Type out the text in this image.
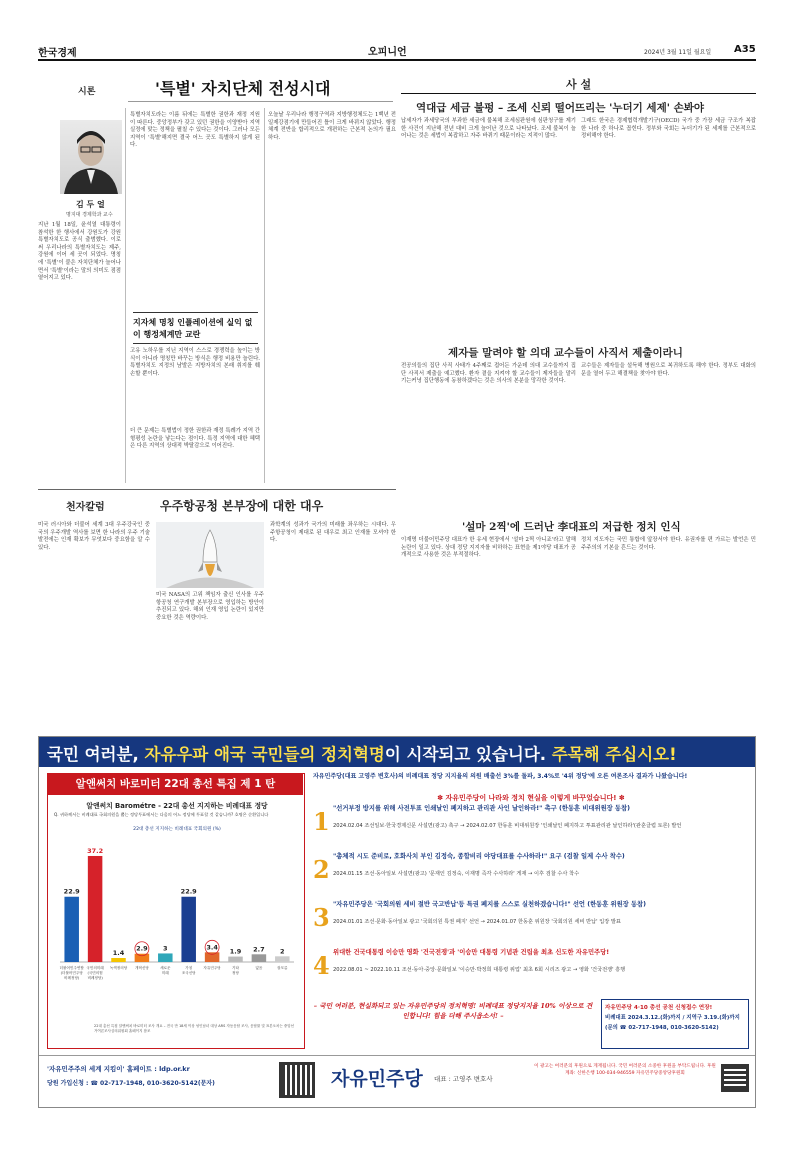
한국경제	오피니언	2024년 3월 11일 월요일 A35
시론	'특별' 자치단체 전성시대
김 두 얼
명지대 경제학과 교수
지난 1월 18일, 윤석열 대통령이 참석한 한 행사에서 강원도가 강원특별자치도로 공식 출범했다. 이로써 우리나라의 특별자치도는 제주, 강원에 이어 세 곳이 되었다. 명칭에 '특별'이 붙은 자치단체가 늘어나면서 '특별'이라는 말의 의미도 점점 옅어지고 있다.
특별자치도라는 이름 뒤에는 특별한 권한과 재정 지원이 따른다. 중앙정부가 갖고 있던 권한을 이양받아 지역 실정에 맞는 정책을 펼칠 수 있다는 것이다. 그러나 모든 지역이 '특별'해지면 결국 어느 곳도 특별하지 않게 된다.
지자체 명칭 인플레이션에 실익 없이 행정체계만 교란
고유 노하우를 지닌 지역이 스스로 경쟁력을 높이는 방식이 아니라 명칭만 바꾸는 방식은 행정 비용만 늘린다. 특별자치도 지정의 남발은 지방자치의 본래 취지를 훼손할 뿐이다.
더 큰 문제는 특별법이 정한 권한과 재정 특례가 지역 간 형평성 논란을 낳는다는 점이다. 특정 지역에 대한 혜택은 다른 지역의 상대적 박탈감으로 이어진다.
오늘날 우리나라 행정구역과 지방행정체도는 1백년 전 일제강점기에 만들어진 틀이 크게 바뀌지 않았다. 행정체계 전반을 합리적으로 개편하는 근본적 논의가 필요하다.
천자칼럼	우주항공청 본부장에 대한 대우
미국 러시아와 더불어 세계 3대 우주강국인 중국의 우주개발 역사를 보면 한 나라의 우주 기술 발전에는 인재 확보가 무엇보다 중요함을 알 수 있다.
미국 NASA의 고위 책임자 출신 인사를 우주항공청 연구개발 본부장으로 영입하는 방안이 추진되고 있다. 해외 인재 영입 논란이 있지만 중요한 것은 역량이다.
과학계의 성과가 국가의 미래를 좌우하는 시대다. 우주항공청이 제대로 된 대우로 최고 인재를 모셔야 한다.
사 설
역대급 세금 불펑 – 조세 신뢰 떨어뜨리는 '누더기 세제' 손봐야
납세자가 과세당국의 부과한 세금에 불복해 조세심판원에 심판청구를 제기한 사건이 지난해 전년 대비 크게 늘어난 것으로 나타났다. 조세 불복이 늘어나는 것은 세법이 복잡하고 자주 바뀌기 때문이라는 지적이 많다.
그래도 한국은 경제협력개발기구(OECD) 국가 중 가장 세금 구조가 복잡한 나라 중 하나로 꼽힌다. 정부와 국회는 누더기가 된 세제를 근본적으로 정비해야 한다.
제자들 말려야 할 의대 교수들이 사직서 제출이라니
전공의들의 집단 사직 사태가 4주째로 접어든 가운데 의대 교수들까지 집단 사직서 제출을 예고했다. 환자 곁을 지켜야 할 교수들이 제자들을 말리기는커녕 집단행동에 동참하겠다는 것은 의사의 본분을 망각한 것이다.
교수들은 제자들을 설득해 병원으로 복귀하도록 해야 한다. 정부도 대화의 문을 열어 두고 해결책을 찾아야 한다.
'설마 2찍'에 드러난 李대표의 저급한 정치 인식
이재명 더불어민주당 대표가 한 유세 현장에서 '설마 2찍 아니죠'라고 말해 논란이 일고 있다. 상대 정당 지지자를 비하하는 표현을 제1야당 대표가 공개적으로 사용한 것은 부적절하다.
정치 지도자는 국민 통합에 앞장서야 한다. 유권자를 편 가르는 발언은 민주주의의 기본을 흔드는 것이다.
국민 여러분, 자유우파 애국 국민들의 정치혁명이 시작되고 있습니다. 주목해 주십시오!
알앤써치 바로미터 22대 총선 특집 제 1 탄
알앤써치 Barométre - 22대 총선 지지하는 비례대표 정당
Q. 귀하께서는 비례대표 국회의원을 뽑는 정당투표에서는 다음의 어느 정당에 투표할 것 같습니까? 호명은 순환입니다
22대 총선 지지하는 비례대표 국회의원 (%)
22.9
더불어민주연합 (더불어민주당 비례정당)
37.2
국민의미래 (국민의힘 비례정당)
1.4
녹색정의당
2.9
개혁신당
3
새로운 미래
22.9
가칭 조국신당
3.4
자유민주당
1.9
기타 정당
2.7
없음
2
잘모름
22대 총선 특집 알앤써치 바로미터 조사 개요 – 전국 만 18세 이상 성인남녀 대상 ARS 자동응답 조사, 응답률 및 표본오차는 중앙선거여론조사심의위원회 홈페이지 참조
자유민주당(대표 고영주 변호사)의 비례대표 정당 지지율의 의원 배출선 3%를 돌파, 3.4%로 '4위 정당'에 오른 여론조사 결과가 나왔습니다!
✽ 자유민주당이 나라와 정치 현실을 이렇게 바꾸었습니다! ✽
1 "선거부정 방지를 위해 사전투표 인쇄날인 폐지하고 관리관 사인 날인하라!" 촉구 (한동훈 비대위원장 동참)
2024.02.04 조선일보·한국경제신문 사설면(광고) 촉구 → 2024.02.07 한동훈 비대위원장 '인쇄날인 폐지하고 투표관리관 날인하라'(관훈클럽 토론) 발언
2 "총체적 시도 준비로, 호화사치 부인 김정숙, 종합비리 야당대표를 수사하라!" 요구 (검찰 일제 수사 착수)
2024.01.15 조선·동아일보 사설면(광고) '문재인 김정숙, 이재명 즉각 수사하라' 게재 → 이후 검찰 수사 착수
3 "자유민주당은 '국회의원 세비 절반 국고반납'등 특권 폐지를 스스로 실천하겠습니다!" 선언 (한동훈 위원장 동참)
2024.01.01 조선·문화·동아일보 광고 '국회의원 특권 폐지' 선언 → 2024.01.07 한동훈 위원장 '국회의원 세비 반납' 입장 발표
4 위대한 건국대통령 이승만 영화 '건국전쟁'과 '이승만 대통령 기념관 건립을 최초 신도한 자유민주당!
2022.08.01 ~ 2022.10.11 조선·동아·중앙·문화일보 '이승만·박정희 대통령 위업' 최초 6회 시리즈 광고 → 영화 '건국전쟁' 흥행
– 국민 여러분, 현실화되고 있는 자유민주당의 정치혁명! 비례대표 정당지지율 10% 이상으로 견인합니다! 힘을 더해 주시옵소서! –
자유민주당 4·10 총선 공천 신청접수 연장!
비례대표 2024.3.12.(화)까지 / 지역구 3.19.(화)까지
(문의 ☎ 02-717-1948, 010-3620-5142)
'자유민주주의 세계 지킴이' 홈페이트 : ldp.or.kr
당원 가입신청 : ☎ 02-717-1948, 010-3620-5142(문자)	자유민주당 대표 : 고영주 변호사
이 광고는 여러분의 후원으로 게재됩니다. 국민 여러분의 소중한 후원을 부탁드립니다. 후원계좌: 신한은행 100-034-946559 자유민주당중앙당후원회
